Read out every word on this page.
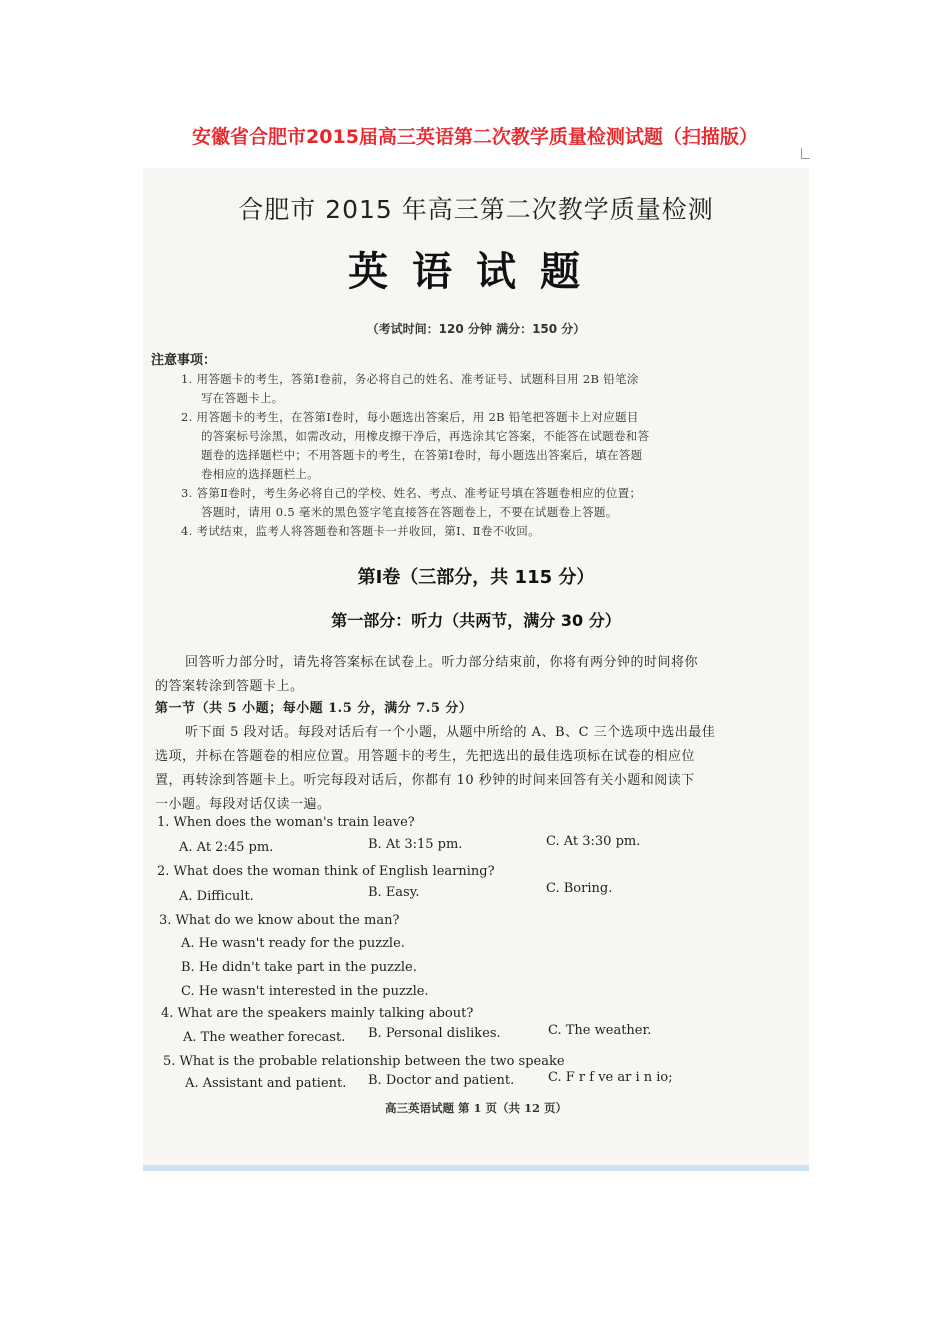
安徽省合肥市2015届高三英语第二次教学质量检测试题（扫描版）
合肥市 2015 年高三第二次教学质量检测
英语试题
（考试时间：120 分钟 满分：150 分）
注意事项：
1. 用答题卡的考生，答第Ⅰ卷前，务必将自己的姓名、准考证号、试题科目用 2B 铅笔涂
写在答题卡上。
2. 用答题卡的考生，在答第Ⅰ卷时，每小题选出答案后，用 2B 铅笔把答题卡上对应题目
的答案标号涂黑，如需改动，用橡皮擦干净后，再选涂其它答案，不能答在试题卷和答
题卷的选择题栏中；不用答题卡的考生，在答第Ⅰ卷时，每小题选出答案后，填在答题
卷相应的选择题栏上。
3. 答第Ⅱ卷时，考生务必将自己的学校、姓名、考点、准考证号填在答题卷相应的位置；
答题时，请用 0.5 毫米的黑色签字笔直接答在答题卷上，不要在试题卷上答题。
4. 考试结束，监考人将答题卷和答题卡一并收回，第Ⅰ、Ⅱ卷不收回。
第Ⅰ卷（三部分，共 115 分）
第一部分：听力（共两节，满分 30 分）
回答听力部分时，请先将答案标在试卷上。听力部分结束前，你将有两分钟的时间将你
的答案转涂到答题卡上。
第一节（共 5 小题；每小题 1.5 分，满分 7.5 分）
听下面 5 段对话。每段对话后有一个小题，从题中所给的 A、B、C 三个选项中选出最佳
选项，并标在答题卷的相应位置。用答题卡的考生，先把选出的最佳选项标在试卷的相应位
置，再转涂到答题卡上。听完每段对话后，你都有 10 秒钟的时间来回答有关小题和阅读下
一小题。每段对话仅读一遍。
1. When does the woman's train leave?
A. At 2:45 pm.	B. At 3:15 pm.	C. At 3:30 pm.
2. What does the woman think of English learning?
A. Difficult.	B. Easy.	C. Boring.
3. What do we know about the man?
A. He wasn't ready for the puzzle.
B. He didn't take part in the puzzle.
C. He wasn't interested in the puzzle.
4. What are the speakers mainly talking about?
A. The weather forecast. B. Personal dislikes.	C. The weather.
5. What is the probable relationship between the two speake
A. Assistant and patient. B. Doctor and patient.	C. F r f ve ar i n io;
高三英语试题 第 1 页（共 12 页）
